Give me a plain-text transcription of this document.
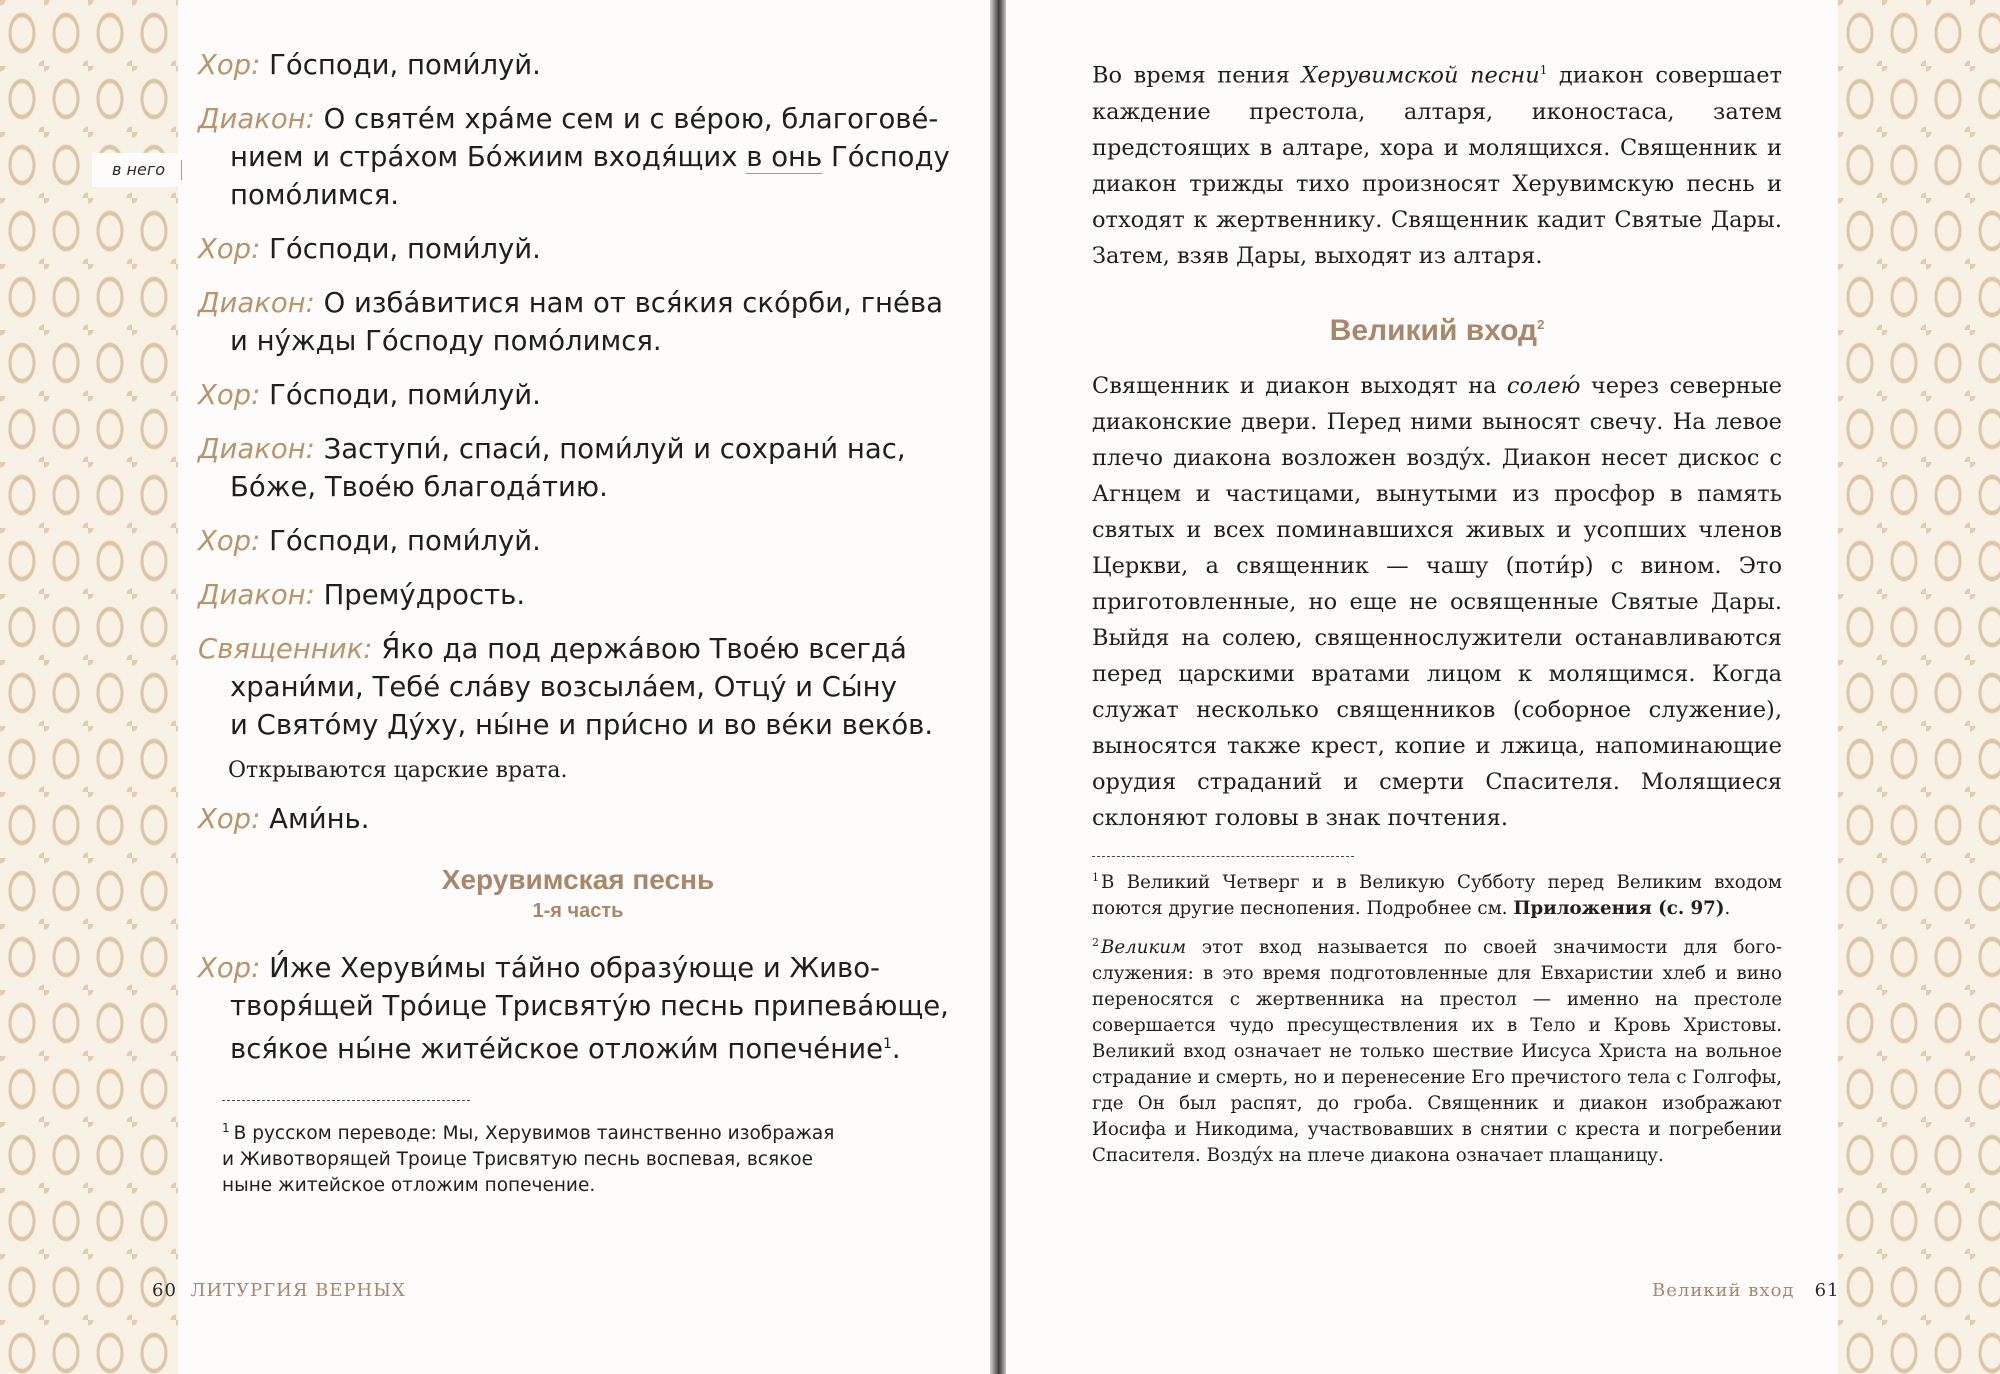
в него
Хор: Го́споди, поми́луй.
Диакон: О святе́м хра́ме сем и с ве́рою, благогове́-
нием и стра́хом Бо́жиим входя́щих в онь Го́споду
помо́лимся.
Хор: Го́споди, поми́луй.
Диакон: О изба́витися нам от вся́кия ско́рби, гне́ва
и ну́жды Го́споду помо́лимся.
Хор: Го́споди, поми́луй.
Диакон: Заступи́, спаси́, поми́луй и сохрани́ нас,
Бо́же, Твое́ю благода́тию.
Хор: Го́споди, поми́луй.
Диакон: Прему́дрость.
Священник: Я́ко да под держа́вою Твое́ю всегда́
храни́ми, Тебе́ сла́ву возсыла́ем, Отцу́ и Сы́ну
и Свято́му Ду́ху, ны́не и при́сно и во ве́ки веко́в.
Открываются царские врата.
Хор: Ами́нь.
Херувимская песнь
1-я часть
Хор: И́же Херуви́мы та́йно образу́юще и Живо-
творя́щей Тро́ице Трисвяту́ю песнь припева́юще,
вся́кое ны́не жите́йское отложи́м попече́ние$^1$.
$^1$ В русском переводе: Мы, Херувимов таинственно изображая
и Животворящей Троице Трисвятую песнь воспевая, всякое
ныне житейское отложим попечение.
60 ЛИТУРГИЯ ВЕРНЫХ

Во время пения Херувимской песни$^1$ диакон совершает каждение престола, алтаря, иконостаса, затем предстоящих в алтаре, хора и молящихся. Священник и диакон трижды тихо произносят Херувимскую песнь и отходят к жертвеннику. Священник кадит Святые Дары. Затем, взяв Дары, выходят из алтаря.

Великий вход$^2$

Священник и диакон выходят на солею́ через северные диаконские двери. Перед ними выносят свечу. На левое плечо диакона возложен возду́х. Диакон несет дискос с Агнцем и частицами, вынутыми из просфор в память святых и всех поминавшихся живых и усопших членов Церкви, а священник — чашу (поти́р) с вином. Это приготовленные, но еще не освященные Святые Дары. Выйдя на солею, священнослужители останавливаются перед царскими вратами лицом к молящимся. Когда служат несколько священников (соборное служение), выносятся также крест, копие и лжица, напоминающие орудия страданий и смерти Спасителя. Молящиеся склоняют головы в знак почтения.

$^1$ В Великий Четверг и в Великую Субботу перед Великим входом поются другие песнопения. Подробнее см. Приложения (с. 97).
$^2$ Великим этот вход называется по своей значимости для богослужения: в это время подготовленные для Евхаристии хлеб и вино переносятся с жертвенника на престол — именно на престоле совершается чудо пресуществления их в Тело и Кровь Христовы. Великий вход означает не только шествие Иисуса Христа на вольное страдание и смерть, но и перенесение Его пречистого тела с Голгофы, где Он был распят, до гроба. Священник и диакон изображают Иосифа и Никодима, участвовавших в снятии с креста и погребении Спасителя. Возду́х на плече диакона означает плащаницу.
Великий вход 61
